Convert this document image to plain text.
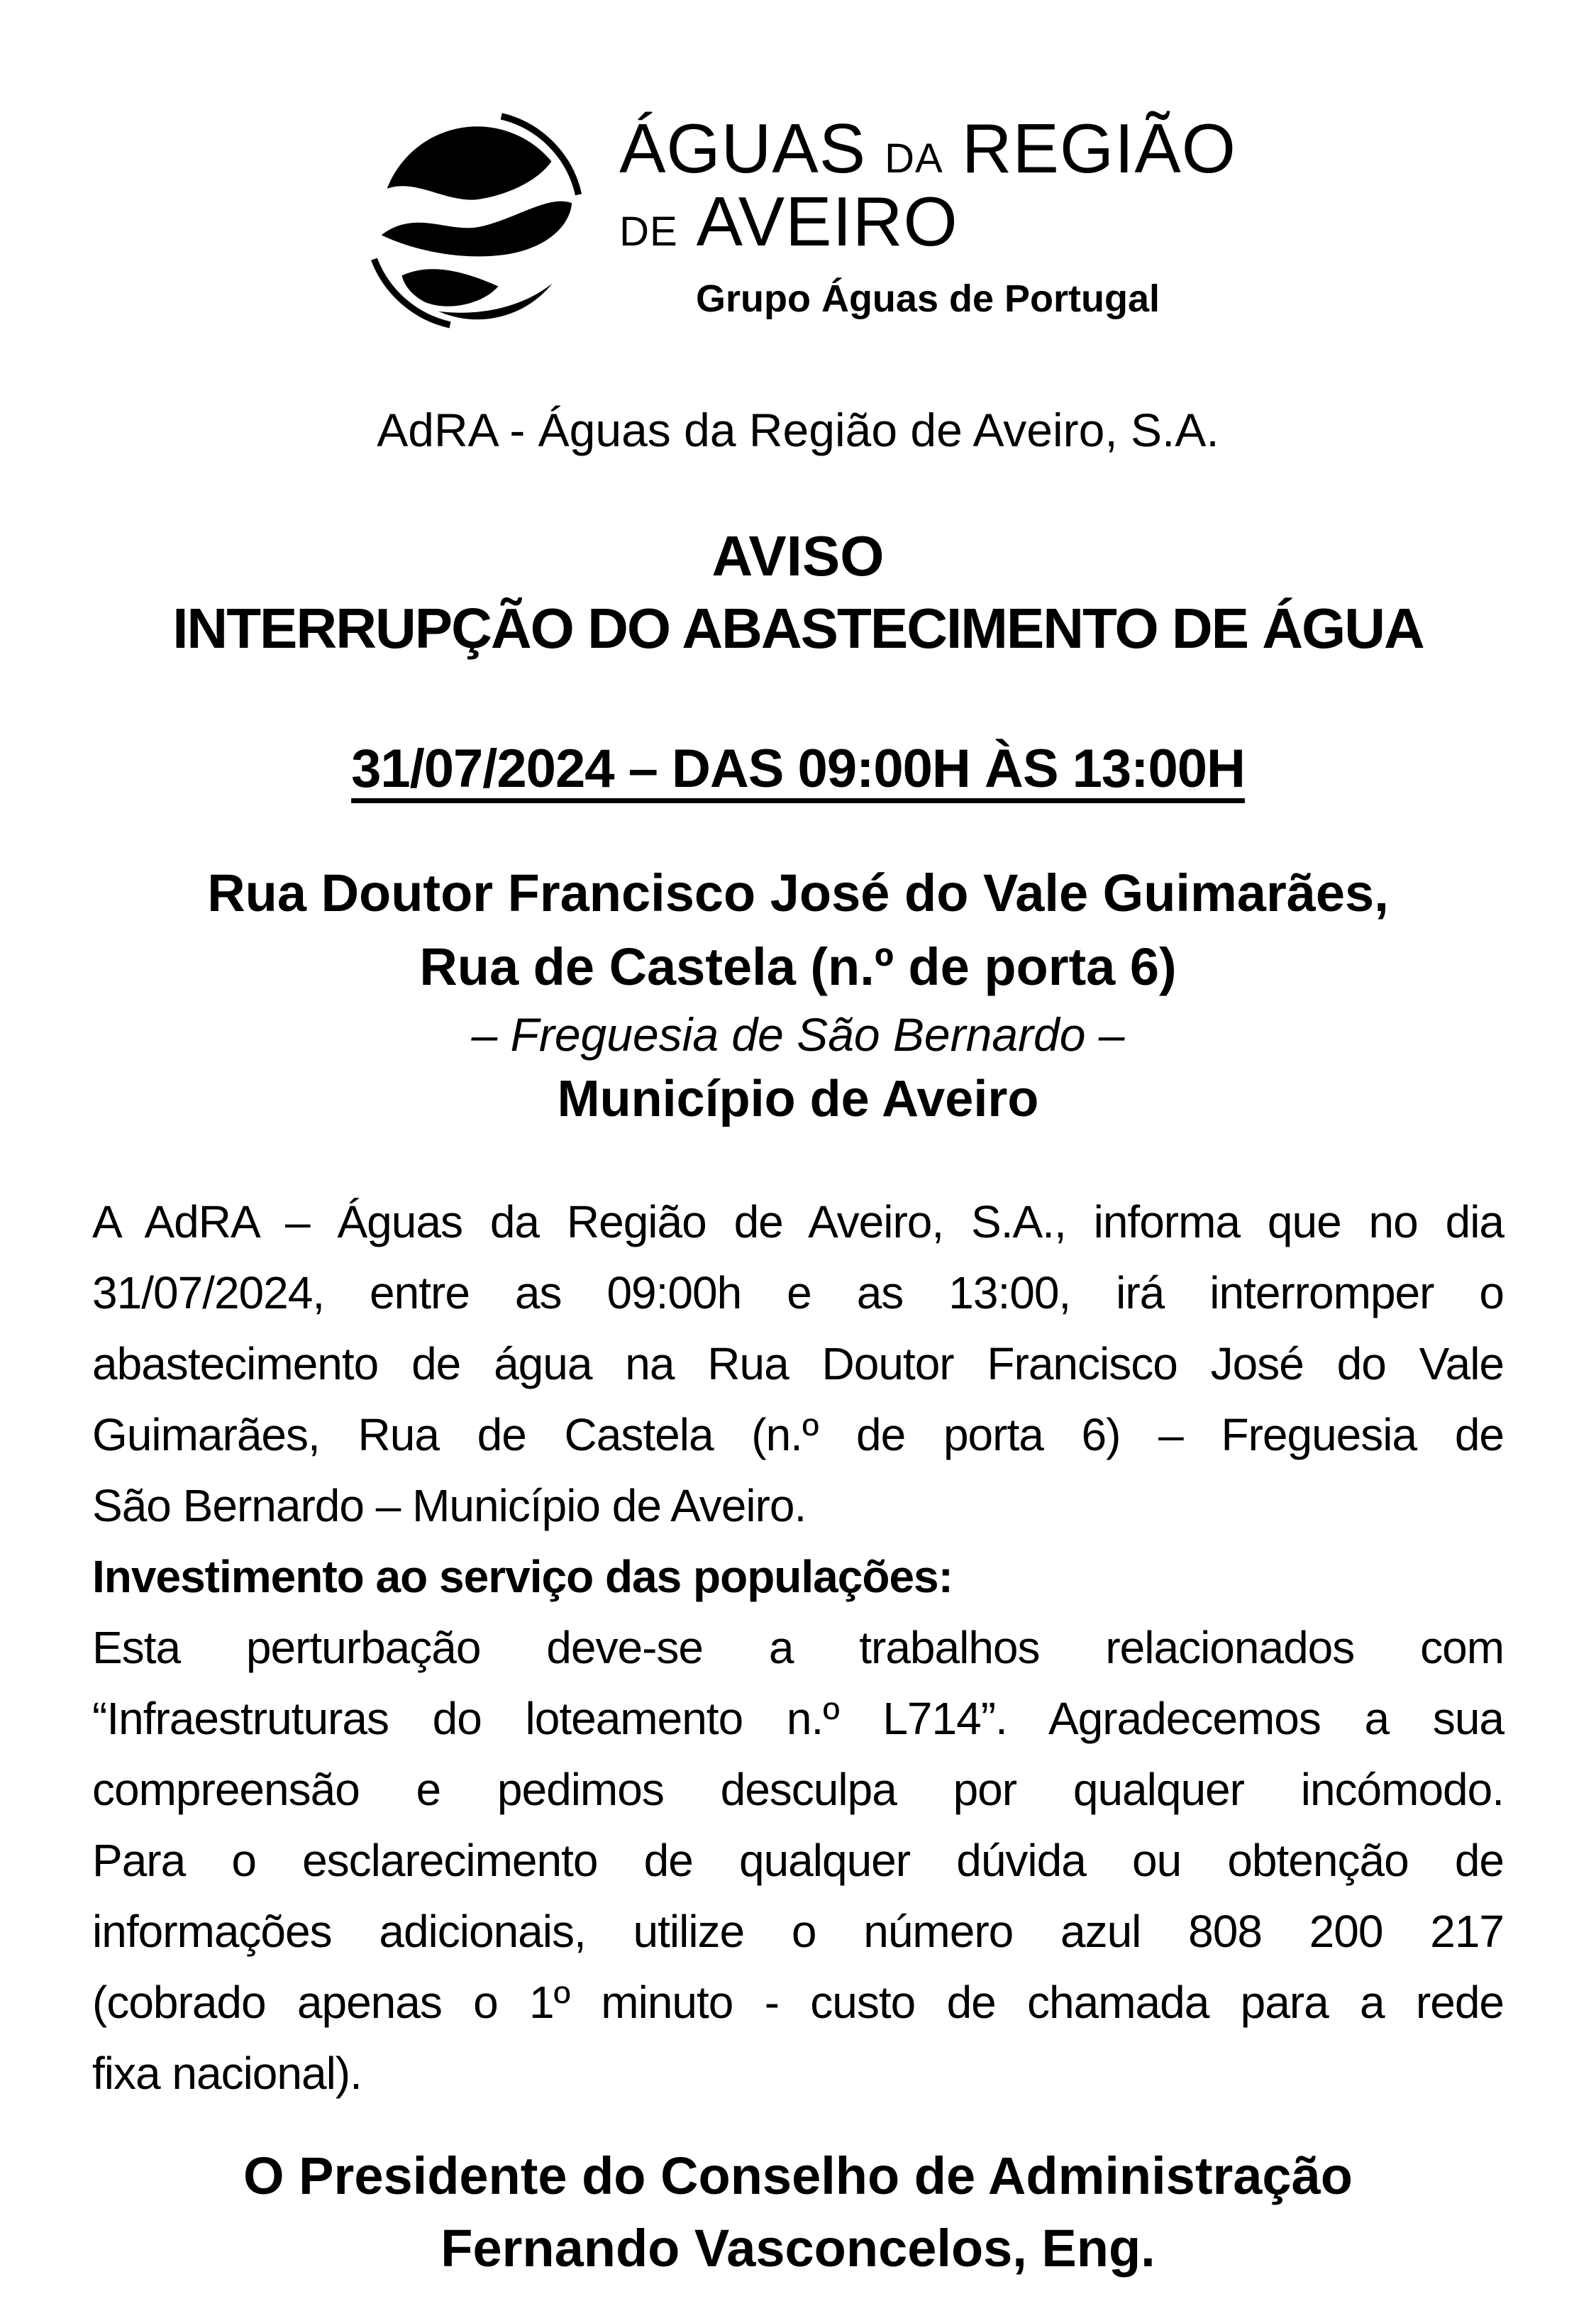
ÁGUAS DA REGIÃO
DE AVEIRO
Grupo Águas de Portugal
AdRA - Águas da Região de Aveiro, S.A.
AVISO
INTERRUPÇÃO DO ABASTECIMENTO DE ÁGUA
31/07/2024 – DAS 09:00H ÀS 13:00H
Rua Doutor Francisco José do Vale Guimarães,
Rua de Castela (n.º de porta 6)
– Freguesia de São Bernardo –
Município de Aveiro
A AdRA – Águas da Região de Aveiro, S.A., informa que no dia
31/07/2024, entre as 09:00h e as 13:00, irá interromper o
abastecimento de água na Rua Doutor Francisco José do Vale
Guimarães, Rua de Castela (n.º de porta 6) – Freguesia de
São Bernardo – Município de Aveiro.
Investimento ao serviço das populações:
Esta perturbação deve-se a trabalhos relacionados com
“Infraestruturas do loteamento n.º L714”. Agradecemos a sua
compreensão e pedimos desculpa por qualquer incómodo.
Para o esclarecimento de qualquer dúvida ou obtenção de
informações adicionais, utilize o número azul 808 200 217
(cobrado apenas o 1º minuto - custo de chamada para a rede
fixa nacional).
O Presidente do Conselho de Administração
Fernando Vasconcelos, Eng.
